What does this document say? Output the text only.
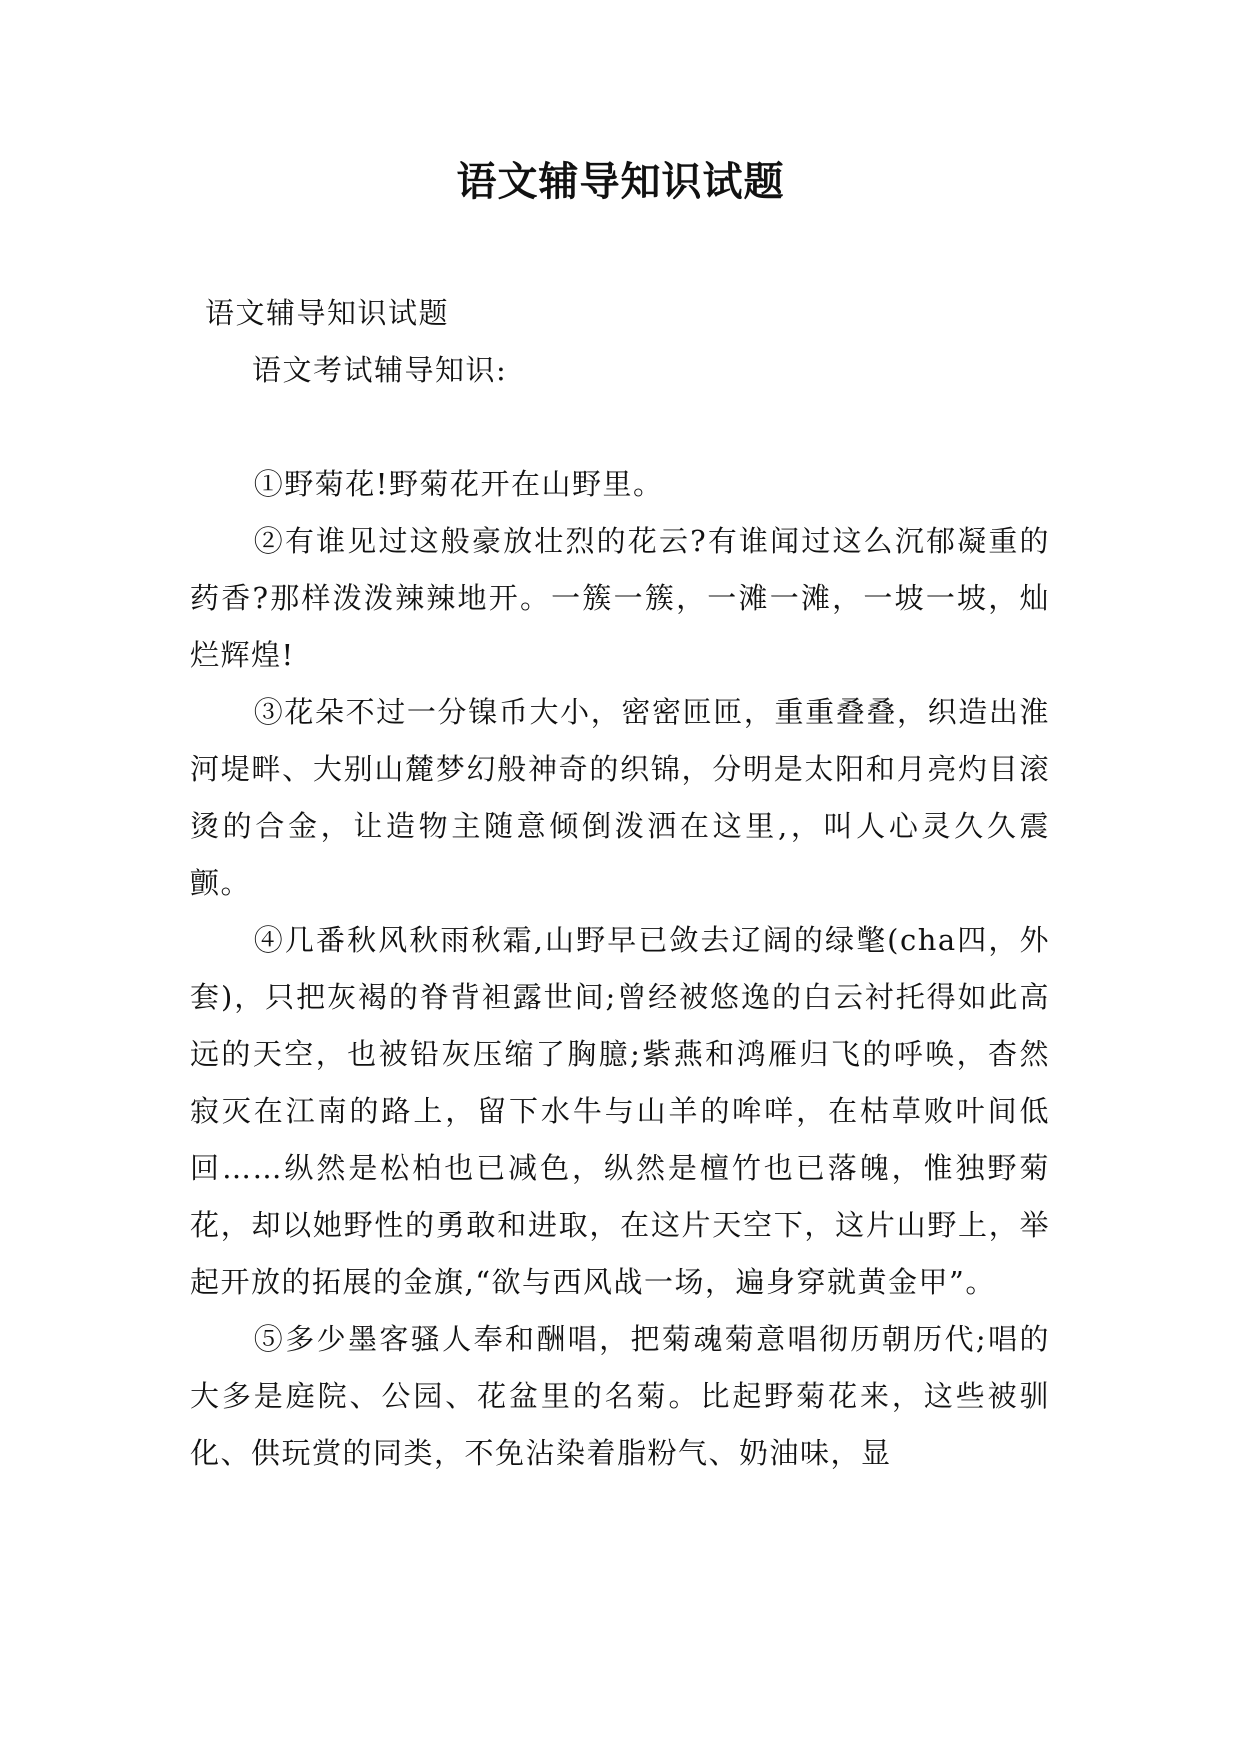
语文辅导知识试题

语文辅导知识试题

语文考试辅导知识:

①野菊花!野菊花开在山野里。

②有谁见过这般豪放壮烈的花云?有谁闻过这么沉郁凝重的药香?那样泼泼辣辣地开。一簇一簇，一滩一滩，一坡一坡，灿烂辉煌!

③花朵不过一分镍币大小，密密匝匝，重重叠叠，织造出淮河堤畔、大别山麓梦幻般神奇的织锦，分明是太阳和月亮灼目滚烫的合金，让造物主随意倾倒泼洒在这里,，叫人心灵久久震颤。

④几番秋风秋雨秋霜,山野早已敛去辽阔的绿氅(cha四，外套)，只把灰褐的脊背袒露世间;曾经被悠逸的白云衬托得如此高远的天空，也被铅灰压缩了胸臆;紫燕和鸿雁归飞的呼唤，杳然寂灭在江南的路上，留下水牛与山羊的哞咩，在枯草败叶间低回……纵然是松柏也已减色，纵然是檀竹也已落魄，惟独野菊花，却以她野性的勇敢和进取，在这片天空下，这片山野上，举起开放的拓展的金旗,“欲与西风战一场，遍身穿就黄金甲”。

⑤多少墨客骚人奉和酬唱，把菊魂菊意唱彻历朝历代;唱的大多是庭院、公园、花盆里的名菊。比起野菊花来，这些被驯化、供玩赏的同类，不免沾染着脂粉气、奶油味，显
